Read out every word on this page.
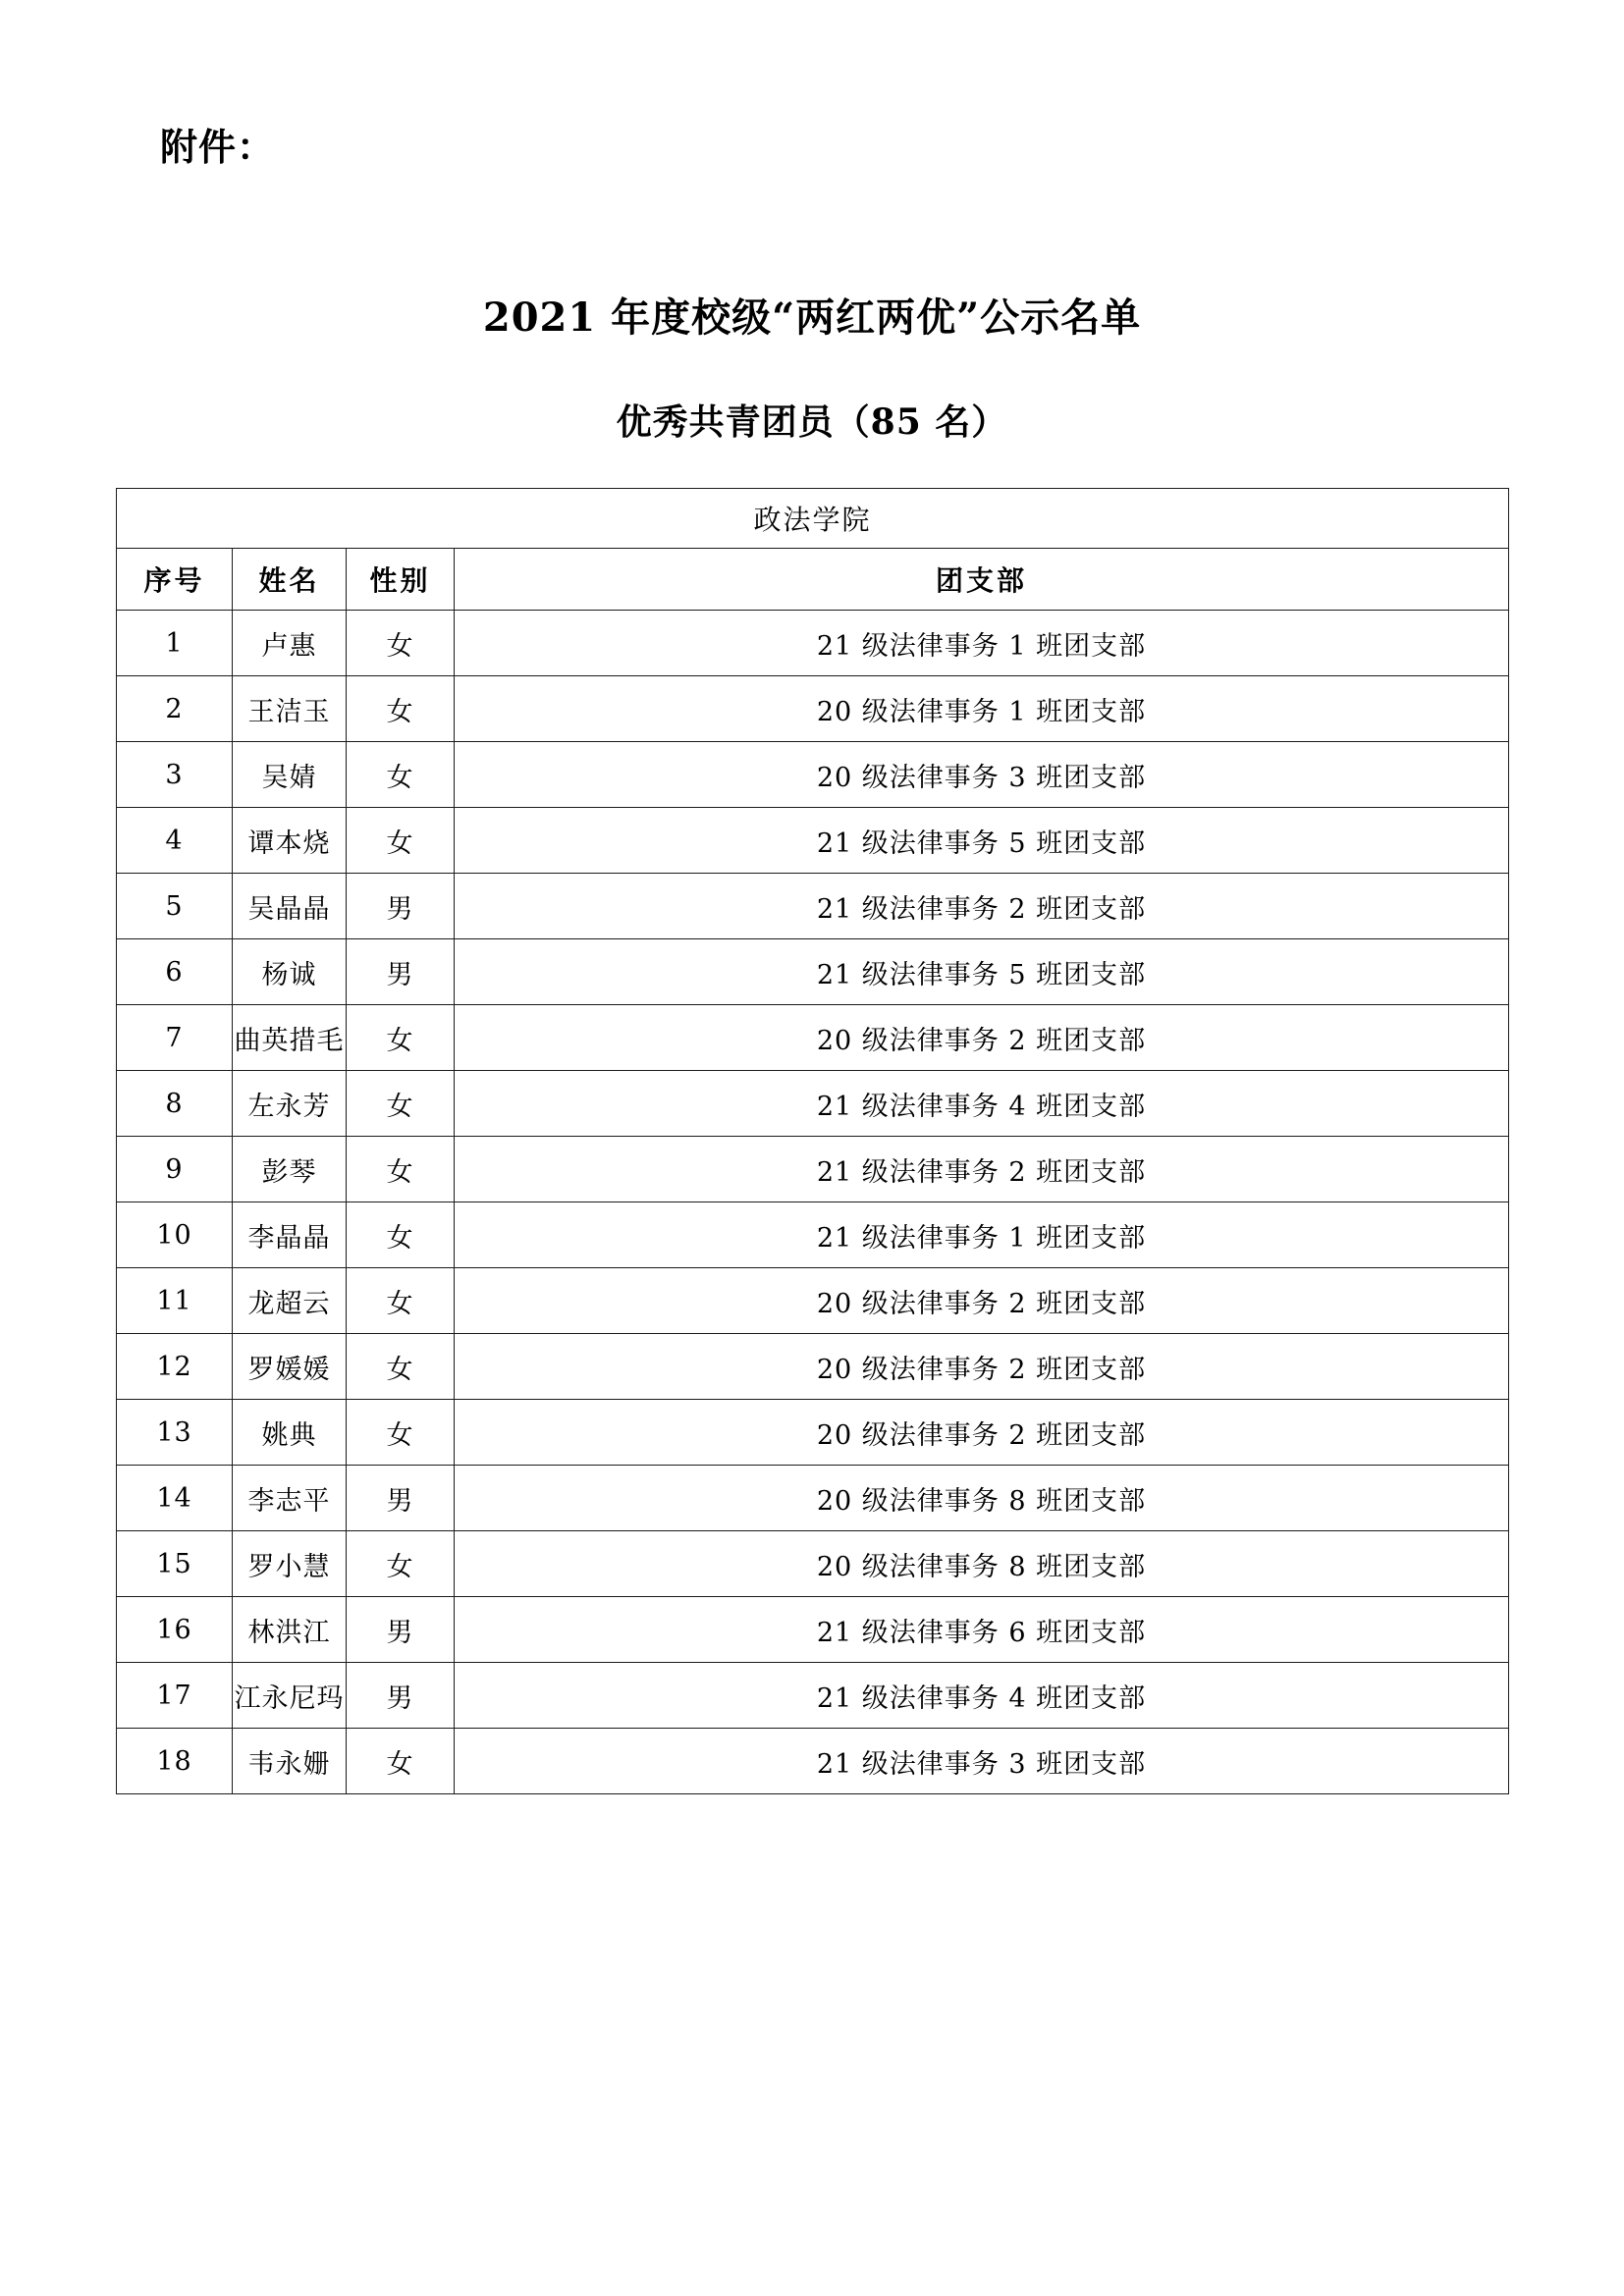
附件：
2021 年度校级“两红两优”公示名单
优秀共青团员（85 名）
政法学院			
序号	姓名	性别	团支部
1	卢惠	女	21 级法律事务 1 班团支部
2	王洁玉	女	20 级法律事务 1 班团支部
3	吴婧	女	20 级法律事务 3 班团支部
4	谭本烧	女	21 级法律事务 5 班团支部
5	吴晶晶	男	21 级法律事务 2 班团支部
6	杨诚	男	21 级法律事务 5 班团支部
7	曲英措毛	女	20 级法律事务 2 班团支部
8	左永芳	女	21 级法律事务 4 班团支部
9	彭琴	女	21 级法律事务 2 班团支部
10	李晶晶	女	21 级法律事务 1 班团支部
11	龙超云	女	20 级法律事务 2 班团支部
12	罗媛媛	女	20 级法律事务 2 班团支部
13	姚典	女	20 级法律事务 2 班团支部
14	李志平	男	20 级法律事务 8 班团支部
15	罗小慧	女	20 级法律事务 8 班团支部
16	林洪江	男	21 级法律事务 6 班团支部
17	江永尼玛	男	21 级法律事务 4 班团支部
18	韦永姗	女	21 级法律事务 3 班团支部
